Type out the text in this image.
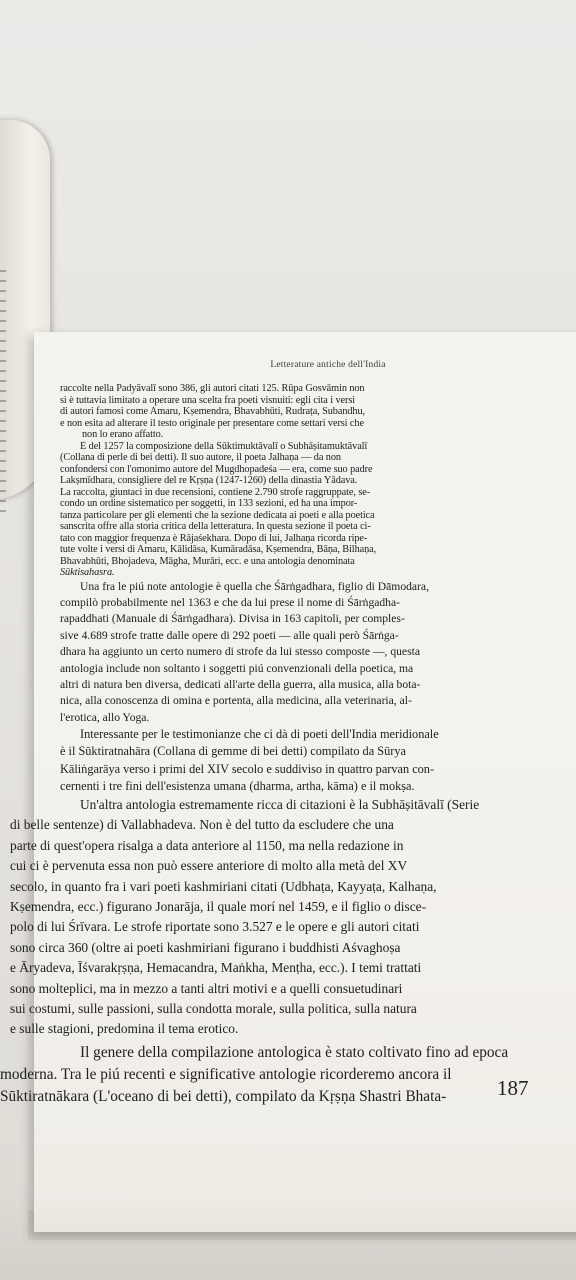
Letterature antiche dell'India
raccolte nella Padyāvalī sono 386, gli autori citati 125. Rūpa Gosvāmin non
si è tuttavia limitato a operare una scelta fra poeti visnuiti: egli cita i versi
di autori famosi come Amaru, Kṣemendra, Bhavabhūti, Rudraṭa, Subandhu,
e non esita ad alterare il testo originale per presentare come settari versi che
non lo erano affatto.
È del 1257 la composizione della Sūktimuktāvalī o Subhāṣitamuktāvalī
(Collana di perle di bei detti). Il suo autore, il poeta Jalhaṇa — da non
confondersi con l'omonimo autore del Mugdhopadeśa — era, come suo padre
Lakṣmīdhara, consigliere del re Kṛṣṇa (1247-1260) della dinastia Yādava.
La raccolta, giuntaci in due recensioni, contiene 2.790 strofe raggruppate, se-
condo un ordine sistematico per soggetti, in 133 sezioni, ed ha una impor-
tanza particolare per gli elementi che la sezione dedicata ai poeti e alla poetica
sanscrita offre alla storia critica della letteratura. In questa sezione il poeta ci-
tato con maggior frequenza è Rājaśekhara. Dopo di lui, Jalhaṇa ricorda ripe-
tute volte i versi di Amaru, Kālidāsa, Kumāradāsa, Kṣemendra, Bāṇa, Bilhaṇa,
Bhavabhūti, Bhojadeva, Māgha, Murāri, ecc. e una antologia denominata
Sūktisahasra.
Una fra le piú note antologie è quella che Śārṅgadhara, figlio di Dāmodara,
compilò probabilmente nel 1363 e che da lui prese il nome di Śārṅgadha-
rapaddhati (Manuale di Śārṅgadhara). Divisa in 163 capitoli, per comples-
sive 4.689 strofe tratte dalle opere di 292 poeti — alle quali però Śārṅga-
dhara ha aggiunto un certo numero di strofe da lui stesso composte —, questa
antologia include non soltanto i soggetti piú convenzionali della poetica, ma
altri di natura ben diversa, dedicati all'arte della guerra, alla musica, alla bota-
nica, alla conoscenza di omina e portenta, alla medicina, alla veterinaria, al-
l'erotica, allo Yoga.
Interessante per le testimonianze che ci dà di poeti dell'India meridionale
è il Sūktiratnahāra (Collana di gemme di bei detti) compilato da Sūrya
Kāliṅgarāya verso i primi del XIV secolo e suddiviso in quattro parvan con-
cernenti i tre fini dell'esistenza umana (dharma, artha, kāma) e il mokṣa.
Un'altra antologia estremamente ricca di citazioni è la Subhāṣitāvalī (Serie
di belle sentenze) di Vallabhadeva. Non è del tutto da escludere che una
parte di quest'opera risalga a data anteriore al 1150, ma nella redazione in
cui ci è pervenuta essa non può essere anteriore di molto alla metà del XV
secolo, in quanto fra i vari poeti kashmiriani citati (Udbhaṭa, Kayyaṭa, Kalhaṇa,
Kṣemendra, ecc.) figurano Jonarāja, il quale morí nel 1459, e il figlio o disce-
polo di lui Śrīvara. Le strofe riportate sono 3.527 e le opere e gli autori citati
sono circa 360 (oltre ai poeti kashmiriani figurano i buddhisti Aśvaghoṣa
e Āryadeva, Īśvarakṛṣṇa, Hemacandra, Maṅkha, Menṭha, ecc.). I temi trattati
sono molteplici, ma in mezzo a tanti altri motivi e a quelli consuetudinari
sui costumi, sulle passioni, sulla condotta morale, sulla politica, sulla natura
e sulle stagioni, predomina il tema erotico.
Il genere della compilazione antologica è stato coltivato fino ad epoca
moderna. Tra le piú recenti e significative antologie ricorderemo ancora il
Sūktiratnākara (L'oceano di bei detti), compilato da Kṛṣṇa Shastri Bhata-	187
